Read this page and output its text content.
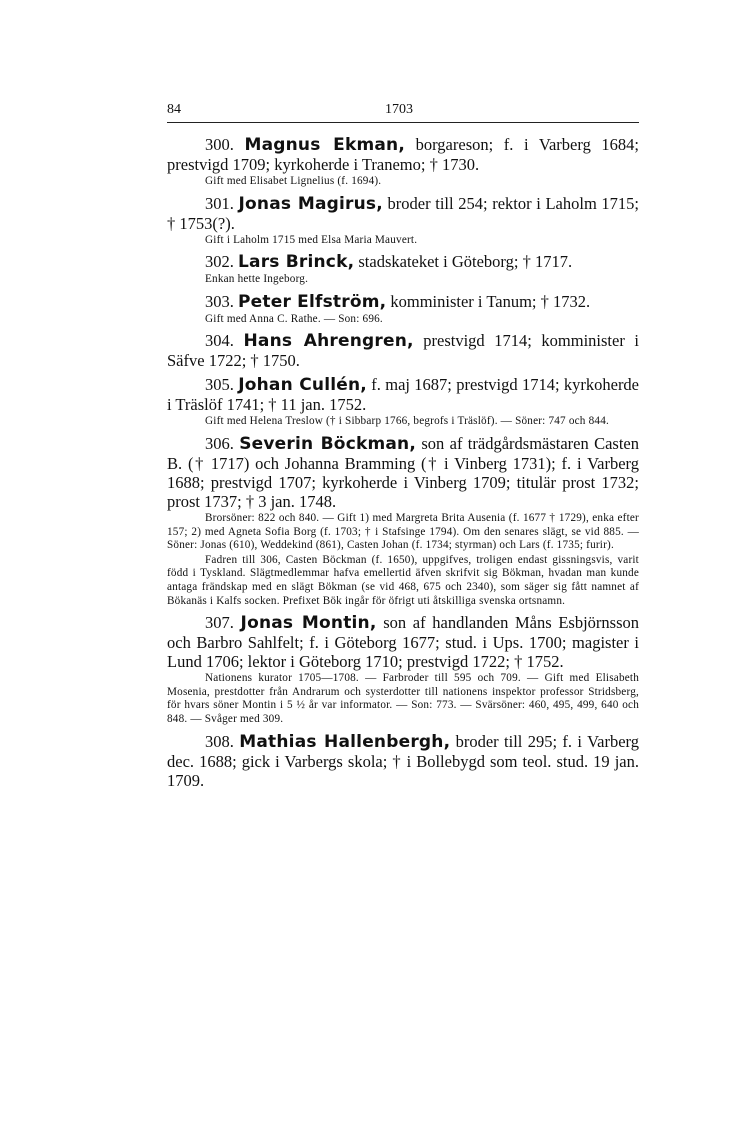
84	1703

300. Magnus Ekman, borgareson; f. i Varberg 1684; prestvigd 1709; kyrkoherde i Tranemo; † 1730.

Gift med Elisabet Lignelius (f. 1694).

301. Jonas Magirus, broder till 254; rektor i Laholm 1715; † 1753(?).

Gift i Laholm 1715 med Elsa Maria Mauvert.

302. Lars Brinck, stadskateket i Göteborg; † 1717.

Enkan hette Ingeborg.

303. Peter Elfström, komminister i Tanum; † 1732.

Gift med Anna C. Rathe. — Son: 696.

304. Hans Ahrengren, prestvigd 1714; komminister i Säfve 1722; † 1750.

305. Johan Cullén, f. maj 1687; prestvigd 1714; kyrkoherde i Träslöf 1741; † 11 jan. 1752.

Gift med Helena Treslow († i Sibbarp 1766, begrofs i Träslöf). — Söner: 747 och 844.

306. Severin Böckman, son af trädgårdsmästaren Casten B. († 1717) och Johanna Bramming († i Vinberg 1731); f. i Varberg 1688; prestvigd 1707; kyrkoherde i Vinberg 1709; titulär prost 1732; prost 1737; † 3 jan. 1748.

Brorsöner: 822 och 840. — Gift 1) med Margreta Brita Ausenia (f. 1677 † 1729), enka efter 157; 2) med Agneta Sofia Borg (f. 1703; † i Stafsinge 1794). Om den senares slägt, se vid 885. — Söner: Jonas (610), Weddekind (861), Casten Johan (f. 1734; styrman) och Lars (f. 1735; furir).

Fadren till 306, Casten Böckman (f. 1650), uppgifves, troligen endast gissningsvis, varit född i Tyskland. Slägtmedlemmar hafva emellertid äfven skrifvit sig Bökman, hvadan man kunde antaga frändskap med en slägt Bökman (se vid 468, 675 och 2340), som säger sig fått namnet af Bökanäs i Kalfs socken. Prefixet Bök ingår för öfrigt uti åtskilliga svenska ortsnamn.

307. Jonas Montin, son af handlanden Måns Esbjörnsson och Barbro Sahlfelt; f. i Göteborg 1677; stud. i Ups. 1700; magister i Lund 1706; lektor i Göteborg 1710; prestvigd 1722; † 1752.

Nationens kurator 1705—1708. — Farbroder till 595 och 709. — Gift med Elisabeth Mosenia, prestdotter från Andrarum och systerdotter till nationens inspektor professor Stridsberg, för hvars söner Montin i 5 ½ år var informator. — Son: 773. — Svärsöner: 460, 495, 499, 640 och 848. — Svåger med 309.

308. Mathias Hallenbergh, broder till 295; f. i Varberg dec. 1688; gick i Varbergs skola; † i Bollebygd som teol. stud. 19 jan. 1709.
